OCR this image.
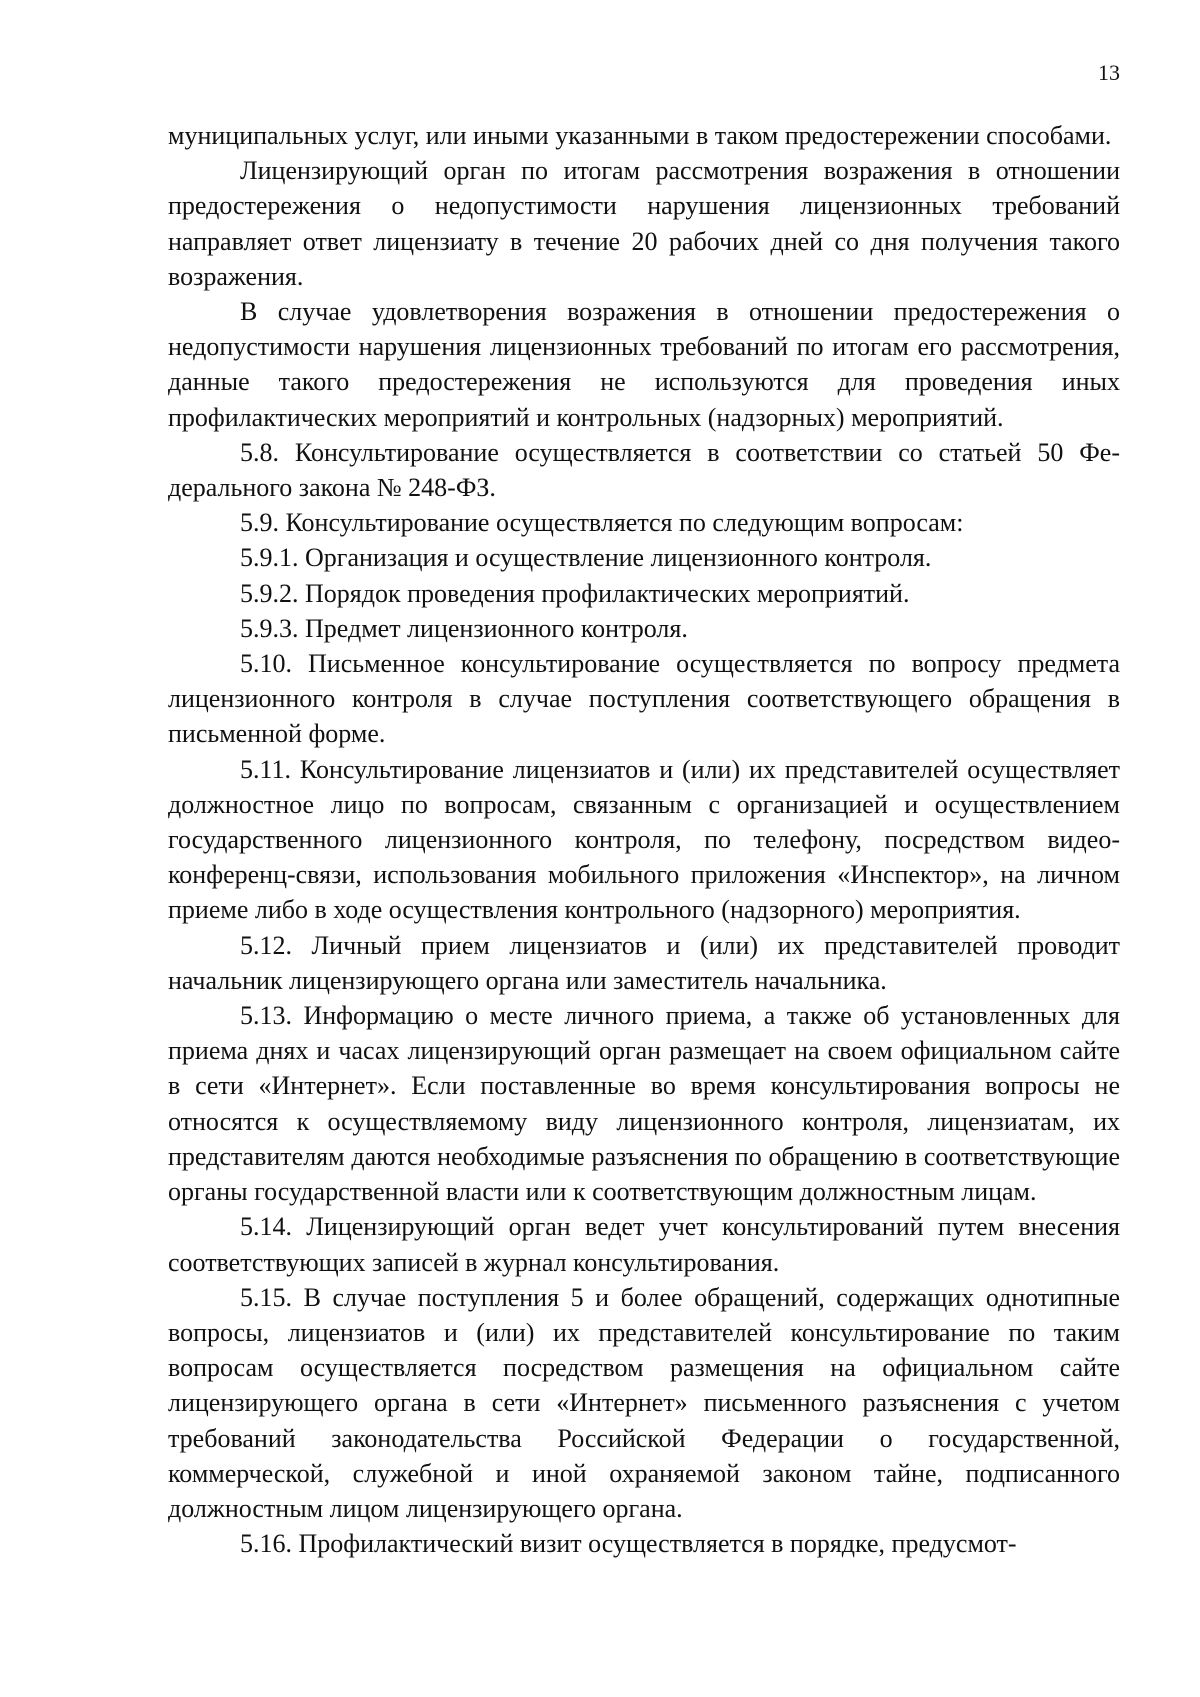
13

муниципальных услуг, или иными указанными в таком предостережении способами.

Лицензирующий орган по итогам рассмотрения возражения в отношении предостережения о недопустимости нарушения лицензионных требований направляет ответ лицензиату в течение 20 рабочих дней со дня получения такого возражения.

В случае удовлетворения возражения в отношении предостережения о недопустимости нарушения лицензионных требований по итогам его рассмотрения, данные такого предостережения не используются для проведения иных профилактических мероприятий и контрольных (надзорных) мероприятий.

5.8. Консультирование осуществляется в соответствии со статьей 50 Федерального закона № 248-ФЗ.

5.9. Консультирование осуществляется по следующим вопросам:

5.9.1. Организация и осуществление лицензионного контроля.

5.9.2. Порядок проведения профилактических мероприятий.

5.9.3. Предмет лицензионного контроля.

5.10. Письменное консультирование осуществляется по вопросу предмета лицензионного контроля в случае поступления соответствующего обращения в письменной форме.

5.11. Консультирование лицензиатов и (или) их представителей осуществляет должностное лицо по вопросам, связанным с организацией и осуществлением государственного лицензионного контроля, по телефону, посредством видео-конференц-связи, использования мобильного приложения «Инспектор», на личном приеме либо в ходе осуществления контрольного (надзорного) мероприятия.

5.12. Личный прием лицензиатов и (или) их представителей проводит начальник лицензирующего органа или заместитель начальника.

5.13. Информацию о месте личного приема, а также об установленных для приема днях и часах лицензирующий орган размещает на своем официальном сайте в сети «Интернет». Если поставленные во время консультирования вопросы не относятся к осуществляемому виду лицензионного контроля, лицензиатам, их представителям даются необходимые разъяснения по обращению в соответствующие органы государственной власти или к соответствующим должностным лицам.

5.14. Лицензирующий орган ведет учет консультирований путем внесения соответствующих записей в журнал консультирования.

5.15. В случае поступления 5 и более обращений, содержащих однотипные вопросы, лицензиатов и (или) их представителей консультирование по таким вопросам осуществляется посредством размещения на официальном сайте лицензирующего органа в сети «Интернет» письменного разъяснения с учетом требований законодательства Российской Федерации о государственной, коммерческой, служебной и иной охраняемой законом тайне, подписанного должностным лицом лицензирующего органа.

5.16. Профилактический визит осуществляется в порядке, предусмот-
